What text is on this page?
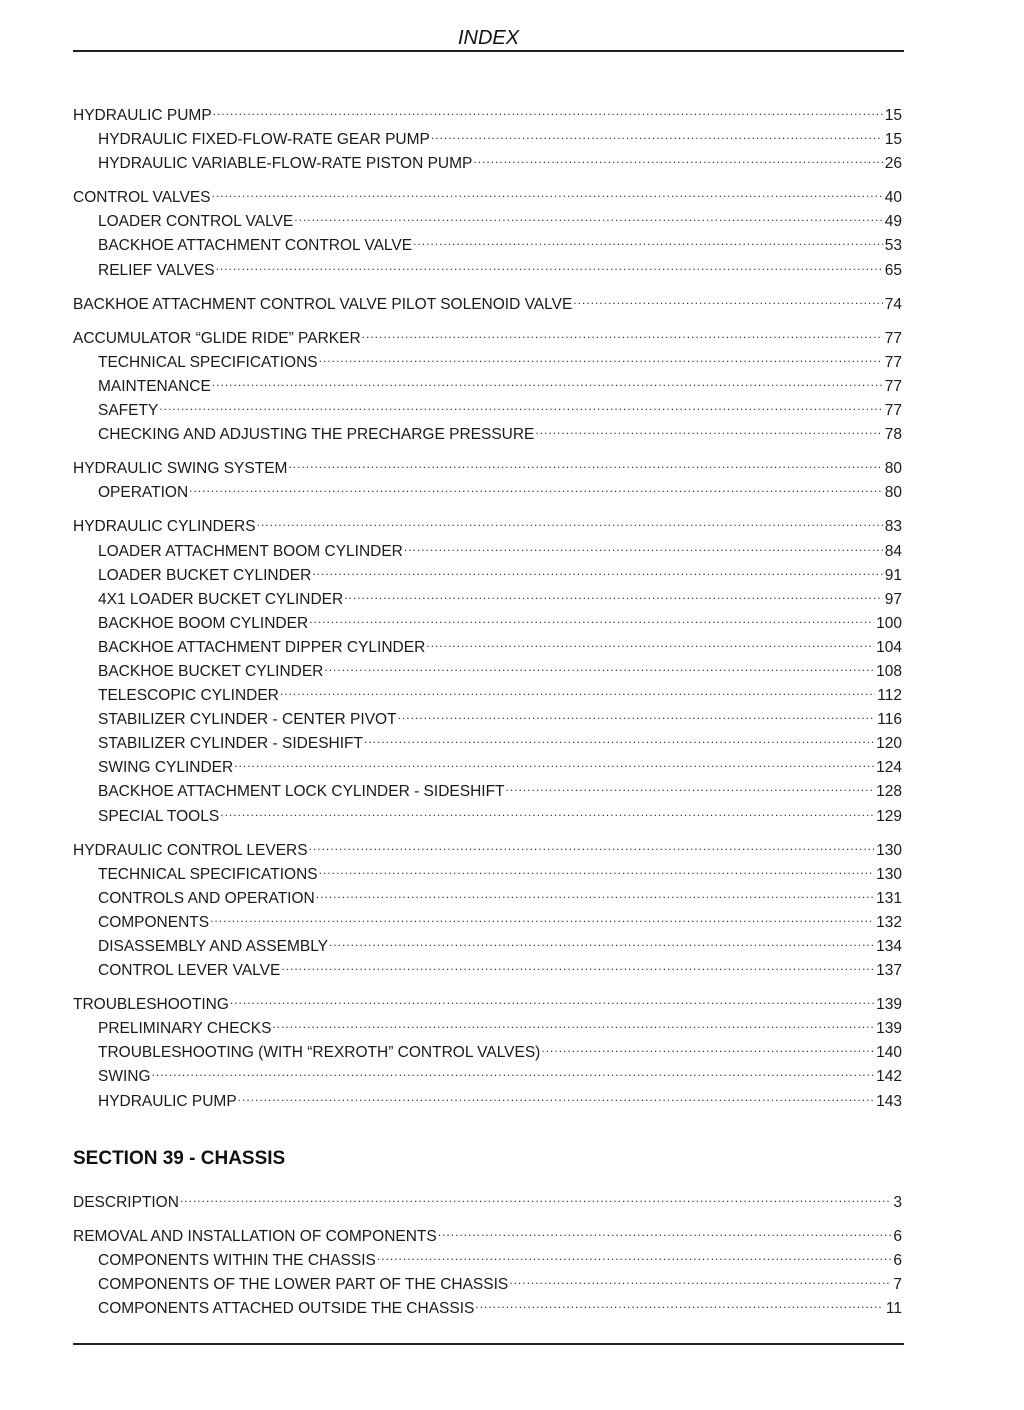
INDEX
HYDRAULIC PUMP .....	15
HYDRAULIC FIXED-FLOW-RATE GEAR PUMP .....	15
HYDRAULIC VARIABLE-FLOW-RATE PISTON PUMP .....	26
CONTROL VALVES .....	40
LOADER CONTROL VALVE .....	49
BACKHOE ATTACHMENT CONTROL VALVE .....	53
RELIEF VALVES .....	65
BACKHOE ATTACHMENT CONTROL VALVE PILOT SOLENOID VALVE .....	74
ACCUMULATOR “GLIDE RIDE” PARKER .....	77
TECHNICAL SPECIFICATIONS .....	77
MAINTENANCE .....	77
SAFETY .....	77
CHECKING AND ADJUSTING THE PRECHARGE PRESSURE .....	78
HYDRAULIC SWING SYSTEM .....	80
OPERATION .....	80
HYDRAULIC CYLINDERS .....	83
LOADER ATTACHMENT BOOM CYLINDER .....	84
LOADER BUCKET CYLINDER .....	91
4X1 LOADER BUCKET CYLINDER .....	97
BACKHOE BOOM CYLINDER .....	100
BACKHOE ATTACHMENT DIPPER CYLINDER .....	104
BACKHOE BUCKET CYLINDER .....	108
TELESCOPIC CYLINDER .....	112
STABILIZER CYLINDER - CENTER PIVOT .....	116
STABILIZER CYLINDER - SIDESHIFT .....	120
SWING CYLINDER .....	124
BACKHOE ATTACHMENT LOCK CYLINDER - SIDESHIFT .....	128
SPECIAL TOOLS .....	129
HYDRAULIC CONTROL LEVERS .....	130
TECHNICAL SPECIFICATIONS .....	130
CONTROLS AND OPERATION .....	131
COMPONENTS .....	132
DISASSEMBLY AND ASSEMBLY .....	134
CONTROL LEVER VALVE .....	137
TROUBLESHOOTING .....	139
PRELIMINARY CHECKS .....	139
TROUBLESHOOTING (WITH “REXROTH” CONTROL VALVES) .....	140
SWING .....	142
HYDRAULIC PUMP .....	143
SECTION 39 - CHASSIS
DESCRIPTION .....	3
REMOVAL AND INSTALLATION OF COMPONENTS .....	6
COMPONENTS WITHIN THE CHASSIS .....	6
COMPONENTS OF THE LOWER PART OF THE CHASSIS .....	7
COMPONENTS ATTACHED OUTSIDE THE CHASSIS .....	11
